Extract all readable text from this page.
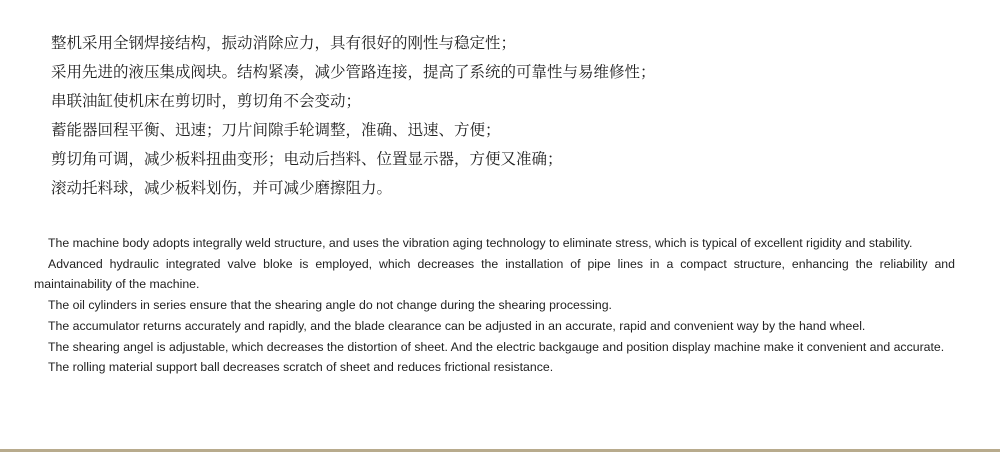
整机采用全钢焊接结构，振动消除应力，具有很好的刚性与稳定性；
采用先进的液压集成阀块。结构紧凑，减少管路连接，提高了系统的可靠性与易维修性；
串联油缸使机床在剪切时，剪切角不会变动；
蓄能器回程平衡、迅速；刀片间隙手轮调整，准确、迅速、方便；
剪切角可调，减少板料扭曲变形；电动后挡料、位置显示器，方便又准确；
滚动托料球，减少板料划伤，并可减少磨擦阻力。

The machine body adopts integrally weld structure, and uses the vibration aging technology to eliminate stress, which is typical of excellent rigidity and stability.

Advanced hydraulic integrated valve bloke is employed, which decreases the installation of pipe lines in a compact structure, enhancing the reliability and maintainability of the machine.

The oil cylinders in series ensure that the shearing angle do not change during the shearing processing.

The accumulator returns accurately and rapidly, and the blade clearance can be adjusted in an accurate, rapid and convenient way by the hand wheel.

The shearing angel is adjustable, which decreases the distortion of sheet. And the electric backgauge and position display machine make it convenient and accurate.

The rolling material support ball decreases scratch of sheet and reduces frictional resistance.
